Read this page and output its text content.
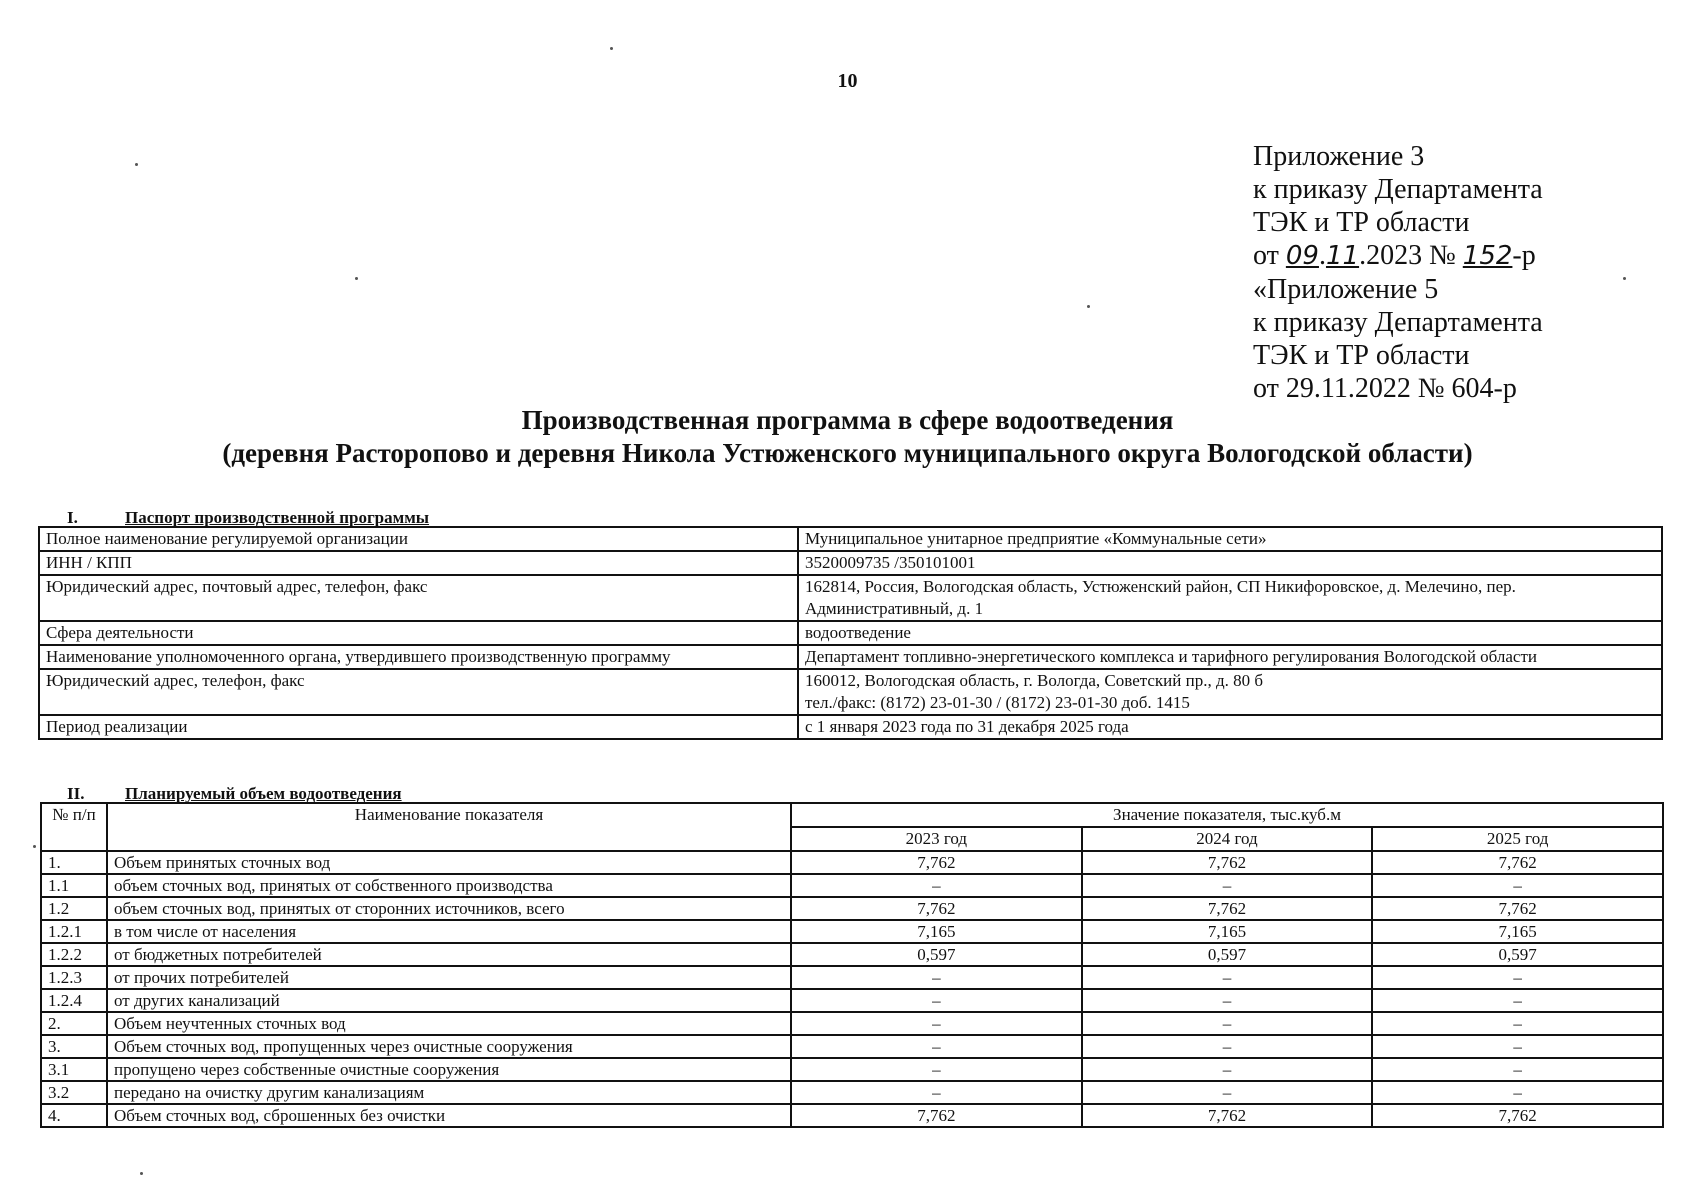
10
Приложение 3
к приказу Департамента
ТЭК и ТР области
от 09.11.2023 № 152-р
«Приложение 5
к приказу Департамента
ТЭК и ТР области
от 29.11.2022 № 604-р
Производственная программа в сфере водоотведения
(деревня Расторопово и деревня Никола Устюженского муниципального округа Вологодской области)
I.	Паспорт производственной программы
Полное наименование регулируемой организации	Муниципальное унитарное предприятие «Коммунальные сети»
ИНН / КПП	3520009735 /350101001
Юридический адрес, почтовый адрес, телефон, факс	162814, Россия, Вологодская область, Устюженский район, СП Никифоровское, д. Мелечино, пер. Административный, д. 1
Сфера деятельности	водоотведение
Наименование уполномоченного органа, утвердившего производственную программу	Департамент топливно-энергетического комплекса и тарифного регулирования Вологодской области
Юридический адрес, телефон, факс	160012, Вологодская область, г. Вологда, Советский пр., д. 80 б
тел./факс: (8172) 23-01-30 / (8172) 23-01-30 доб. 1415

Период реализации	с 1 января 2023 года по 31 декабря 2025 года
II. Планируемый объем водоотведения
№ п/п	Наименование показателя	Значение показателя, тыс.куб.м		
		2023 год	2024 год	2025 год
1.	Объем принятых сточных вод	7,762	7,762	7,762
1.1	объем сточных вод, принятых от собственного производства	–	–	–
1.2	объем сточных вод, принятых от сторонних источников, всего	7,762	7,762	7,762
1.2.1	в том числе от населения	7,165	7,165	7,165
1.2.2	от бюджетных потребителей	0,597	0,597	0,597
1.2.3	от прочих потребителей	–	–	–
1.2.4	от других канализаций	–	–	–
2.	Объем неучтенных сточных вод	–	–	–
3.	Объем сточных вод, пропущенных через очистные сооружения	–	–	–
3.1	пропущено через собственные очистные сооружения	–	–	–
3.2	передано на очистку другим канализациям	–	–	–
4.	Объем сточных вод, сброшенных без очистки	7,762	7,762	7,762
